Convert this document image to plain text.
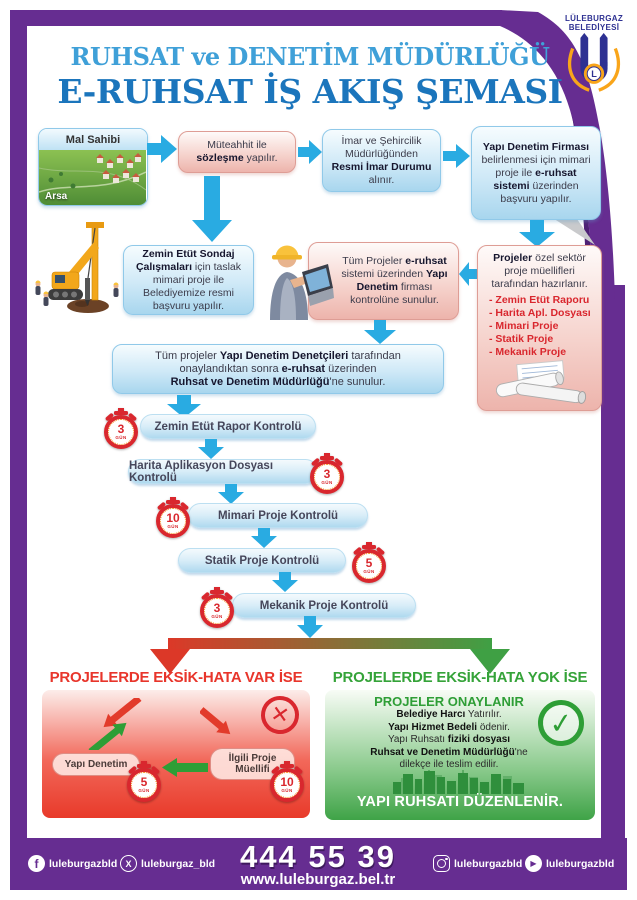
LÜLEBURGAZ
BELEDİYESİ
L
RUHSAT ve DENETİM MÜDÜRLÜĞÜ
E-RUHSAT İŞ AKIŞ ŞEMASI
Mal Sahibi
Arsa
Müteahhit ile sözleşme yapılır.
İmar ve Şehircilik Müdürlüğünden Resmi İmar Durumu alınır.
Yapı Denetim Firması belirlenmesi için mimari proje ile e-ruhsat sistemi üzerinden başvuru yapılır.
Zemin Etüt Sondaj Çalışmaları için taslak mimari proje ile Belediyemize resmi başvuru yapılır.
Tüm Projeler e-ruhsat sistemi üzerinden Yapı Denetim firması kontrolüne sunulur.
Projeler özel sektör proje müellifleri tarafından hazırlanır.
- Zemin Etüt Raporu
- Harita Apl. Dosyası
- Mimari Proje
- Statik Proje
- Mekanik Proje
Tüm projeler Yapı Denetim Denetçileri tarafından
onaylandıktan sonra e-ruhsat üzerinden
Ruhsat ve Denetim Müdürlüğü'ne sunulur.
Zemin Etüt Rapor Kontrolü
3
GÜN
Harita Aplikasyon Dosyası Kontrolü	3
GÜN
Mimari Proje Kontrolü
10
GÜN
Statik Proje Kontrolü	5
GÜN
Mekanik Proje Kontrolü
3
GÜN
PROJELERDE EKSİK-HATA VAR İSE	PROJELERDE EKSİK-HATA YOK İSE
✕
Yapı Denetim
5
GÜN
İlgili Proje Müellifi
10
GÜN
PROJELER ONAYLANIR
Belediye Harcı Yatırılır.
Yapı Hizmet Bedeli ödenir.
Yapı Ruhsatı fiziki dosyası
Ruhsat ve Denetim Müdürlüğü'ne
dilekçe ile teslim edilir.
✓
YAPI RUHSATI DÜZENLENİR.
f luleburgazbld X luleburgaz_bld 444 55 39
www.luleburgaz.bel.tr
luleburgazbld ▶ luleburgazbld
